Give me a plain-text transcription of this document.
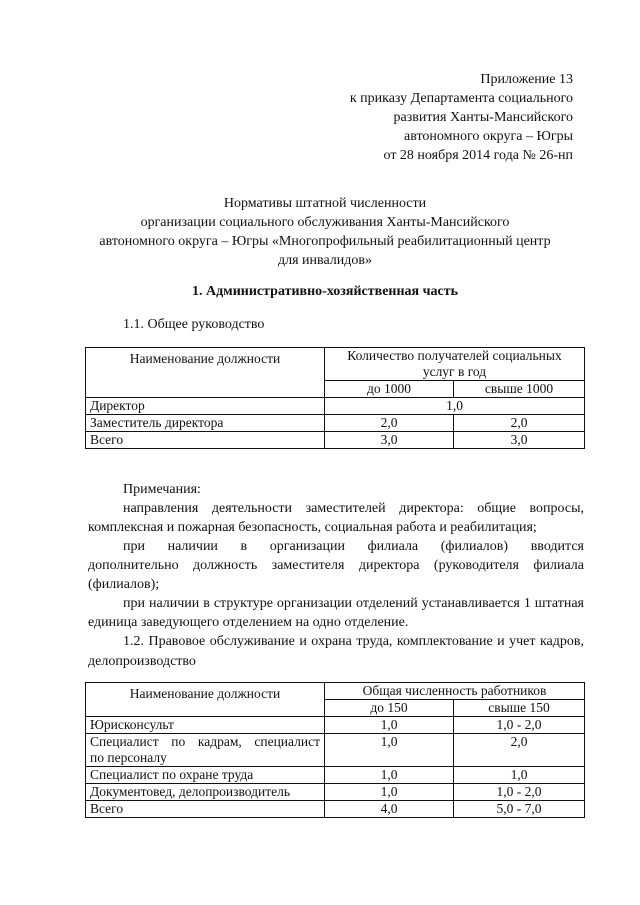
Приложение 13
к приказу Департамента социального
развития Ханты-Мансийского
автономного округа – Югры
от 28 ноября 2014 года № 26-нп
Нормативы штатной численности
организации социального обслуживания Ханты-Мансийского
автономного округа – Югры «Многопрофильный реабилитационный центр
для инвалидов»
1. Административно-хозяйственная часть
1.1. Общее руководство
Наименование должности	Количество получателей социальных
услуг в год	

	до 1000	свыше 1000
Директор	1,0	
Заместитель директора	2,0	2,0
Всего	3,0	3,0

Примечания:

направления деятельности заместителей директора: общие вопросы, комплексная и пожарная безопасность, социальная работа и реабилитация;

при наличии в организации филиала (филиалов) вводится
дополнительно должность заместителя директора (руководителя филиала (филиалов);

при наличии в структуре организации отделений устанавливается 1 штатная единица заведующего отделением на одно отделение.

1.2. Правовое обслуживание и охрана труда, комплектование и учет кадров, делопроизводство
Наименование должности	Общая численность работников	
	до 150	свыше 150
Юрисконсульт	1,0	1,0 - 2,0

Специалист по кадрам, специалист
по персоналу	1,0	2,0
Специалист по охране труда	1,0	1,0
Документовед, делопроизводитель	1,0	1,0 - 2,0
Всего	4,0	5,0 - 7,0
